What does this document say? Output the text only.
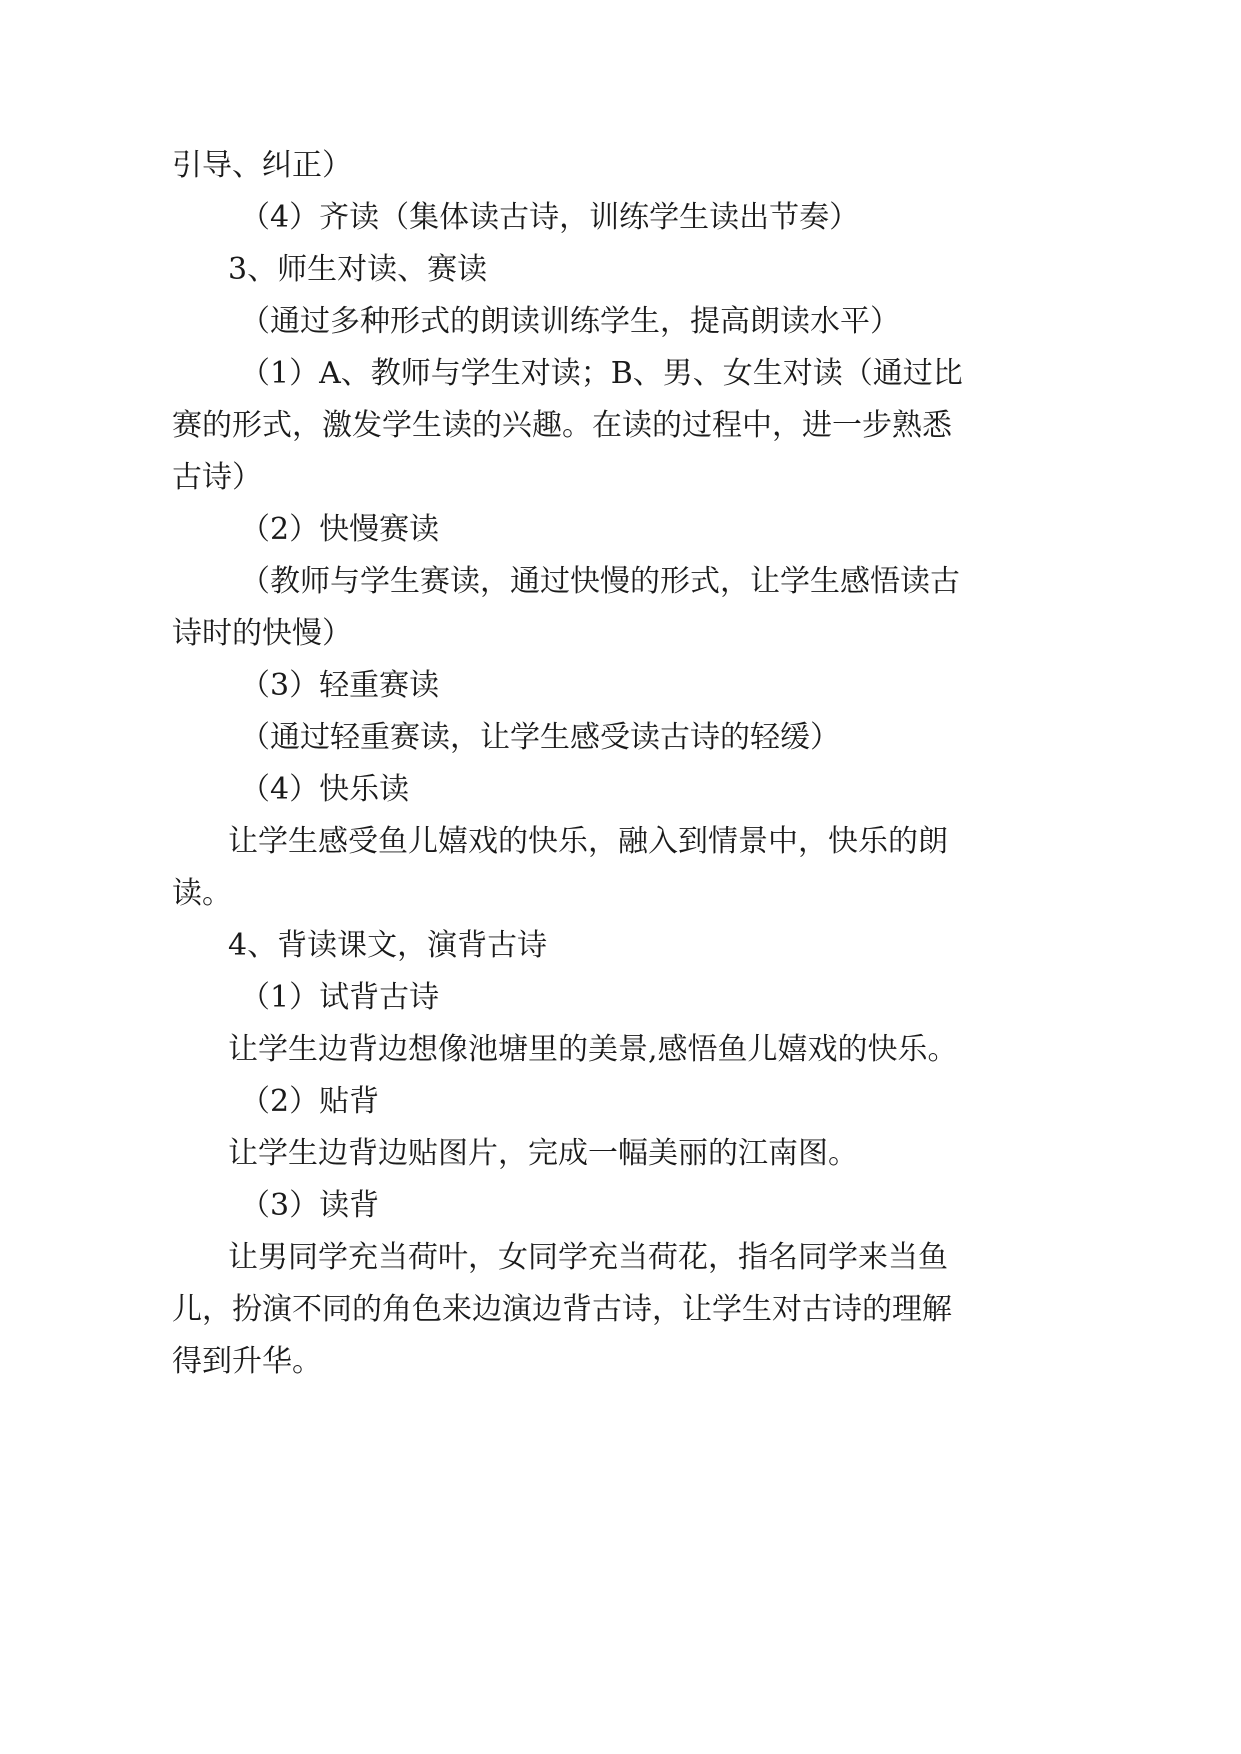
引导、纠正）
（4）齐读（集体读古诗，训练学生读出节奏）
3、师生对读、赛读
（通过多种形式的朗读训练学生，提高朗读水平）
（1）A、教师与学生对读；B、男、女生对读（通过比
赛的形式，激发学生读的兴趣。在读的过程中，进一步熟悉
古诗）
（2）快慢赛读
（教师与学生赛读，通过快慢的形式，让学生感悟读古
诗时的快慢）
（3）轻重赛读
（通过轻重赛读，让学生感受读古诗的轻缓）
（4）快乐读
让学生感受鱼儿嬉戏的快乐，融入到情景中，快乐的朗
读。
4、背读课文，演背古诗
（1）试背古诗
让学生边背边想像池塘里的美景,感悟鱼儿嬉戏的快乐。
（2）贴背
让学生边背边贴图片，完成一幅美丽的江南图。
（3）读背
让男同学充当荷叶，女同学充当荷花，指名同学来当鱼
儿，扮演不同的角色来边演边背古诗，让学生对古诗的理解
得到升华。
